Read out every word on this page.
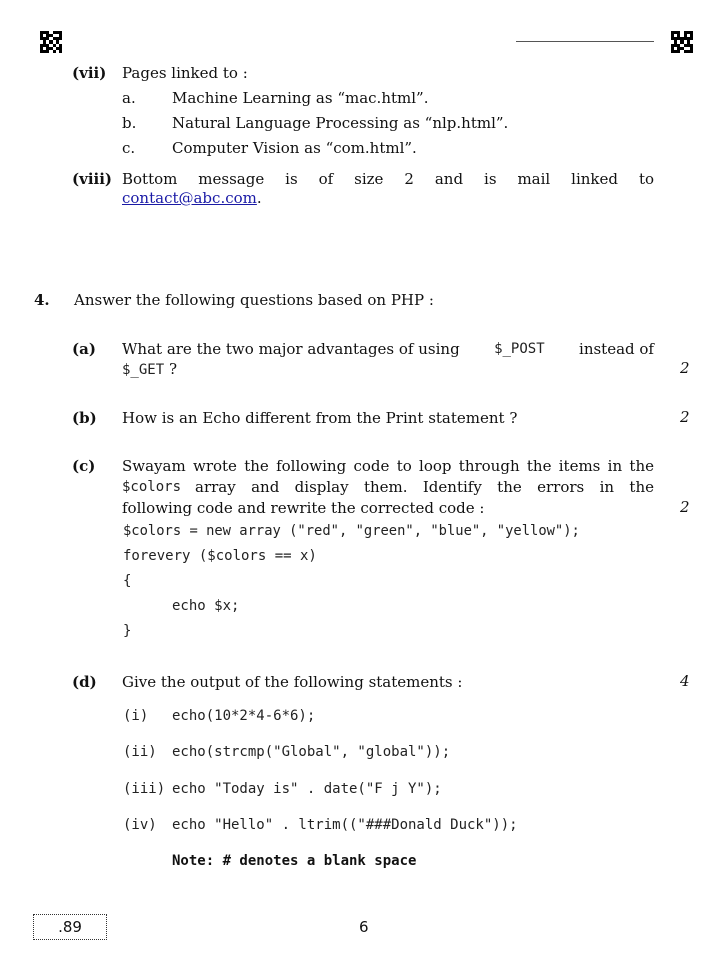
(vii) Pages linked to :
a. Machine Learning as “mac.html”.
b. Natural Language Processing as “nlp.html”.
c. Computer Vision as “com.html”.
(viii) Bottom message is of size 2 and is mail linked to
contact@abc.com.
4. Answer the following questions based on PHP :
(a) What are the two major advantages of using $_POST instead of
$_GET ?	2
(b) How is an Echo different from the Print statement ?	2
(c) Swayam wrote the following code to loop through the items in the
$colors array and display them. Identify the errors in the
following code and rewrite the corrected code :	2
$colors = new array ("red", "green", "blue", "yellow");
forevery ($colors == x)
{
echo $x;
}
(d) Give the output of the following statements :	4
(i) echo(10*2*4-6*6);
(ii) echo(strcmp("Global", "global"));
(iii) echo "Today is" . date("F j Y");
(iv) echo "Hello" . ltrim(("###Donald Duck"));
Note: # denotes a blank space
.89	6
